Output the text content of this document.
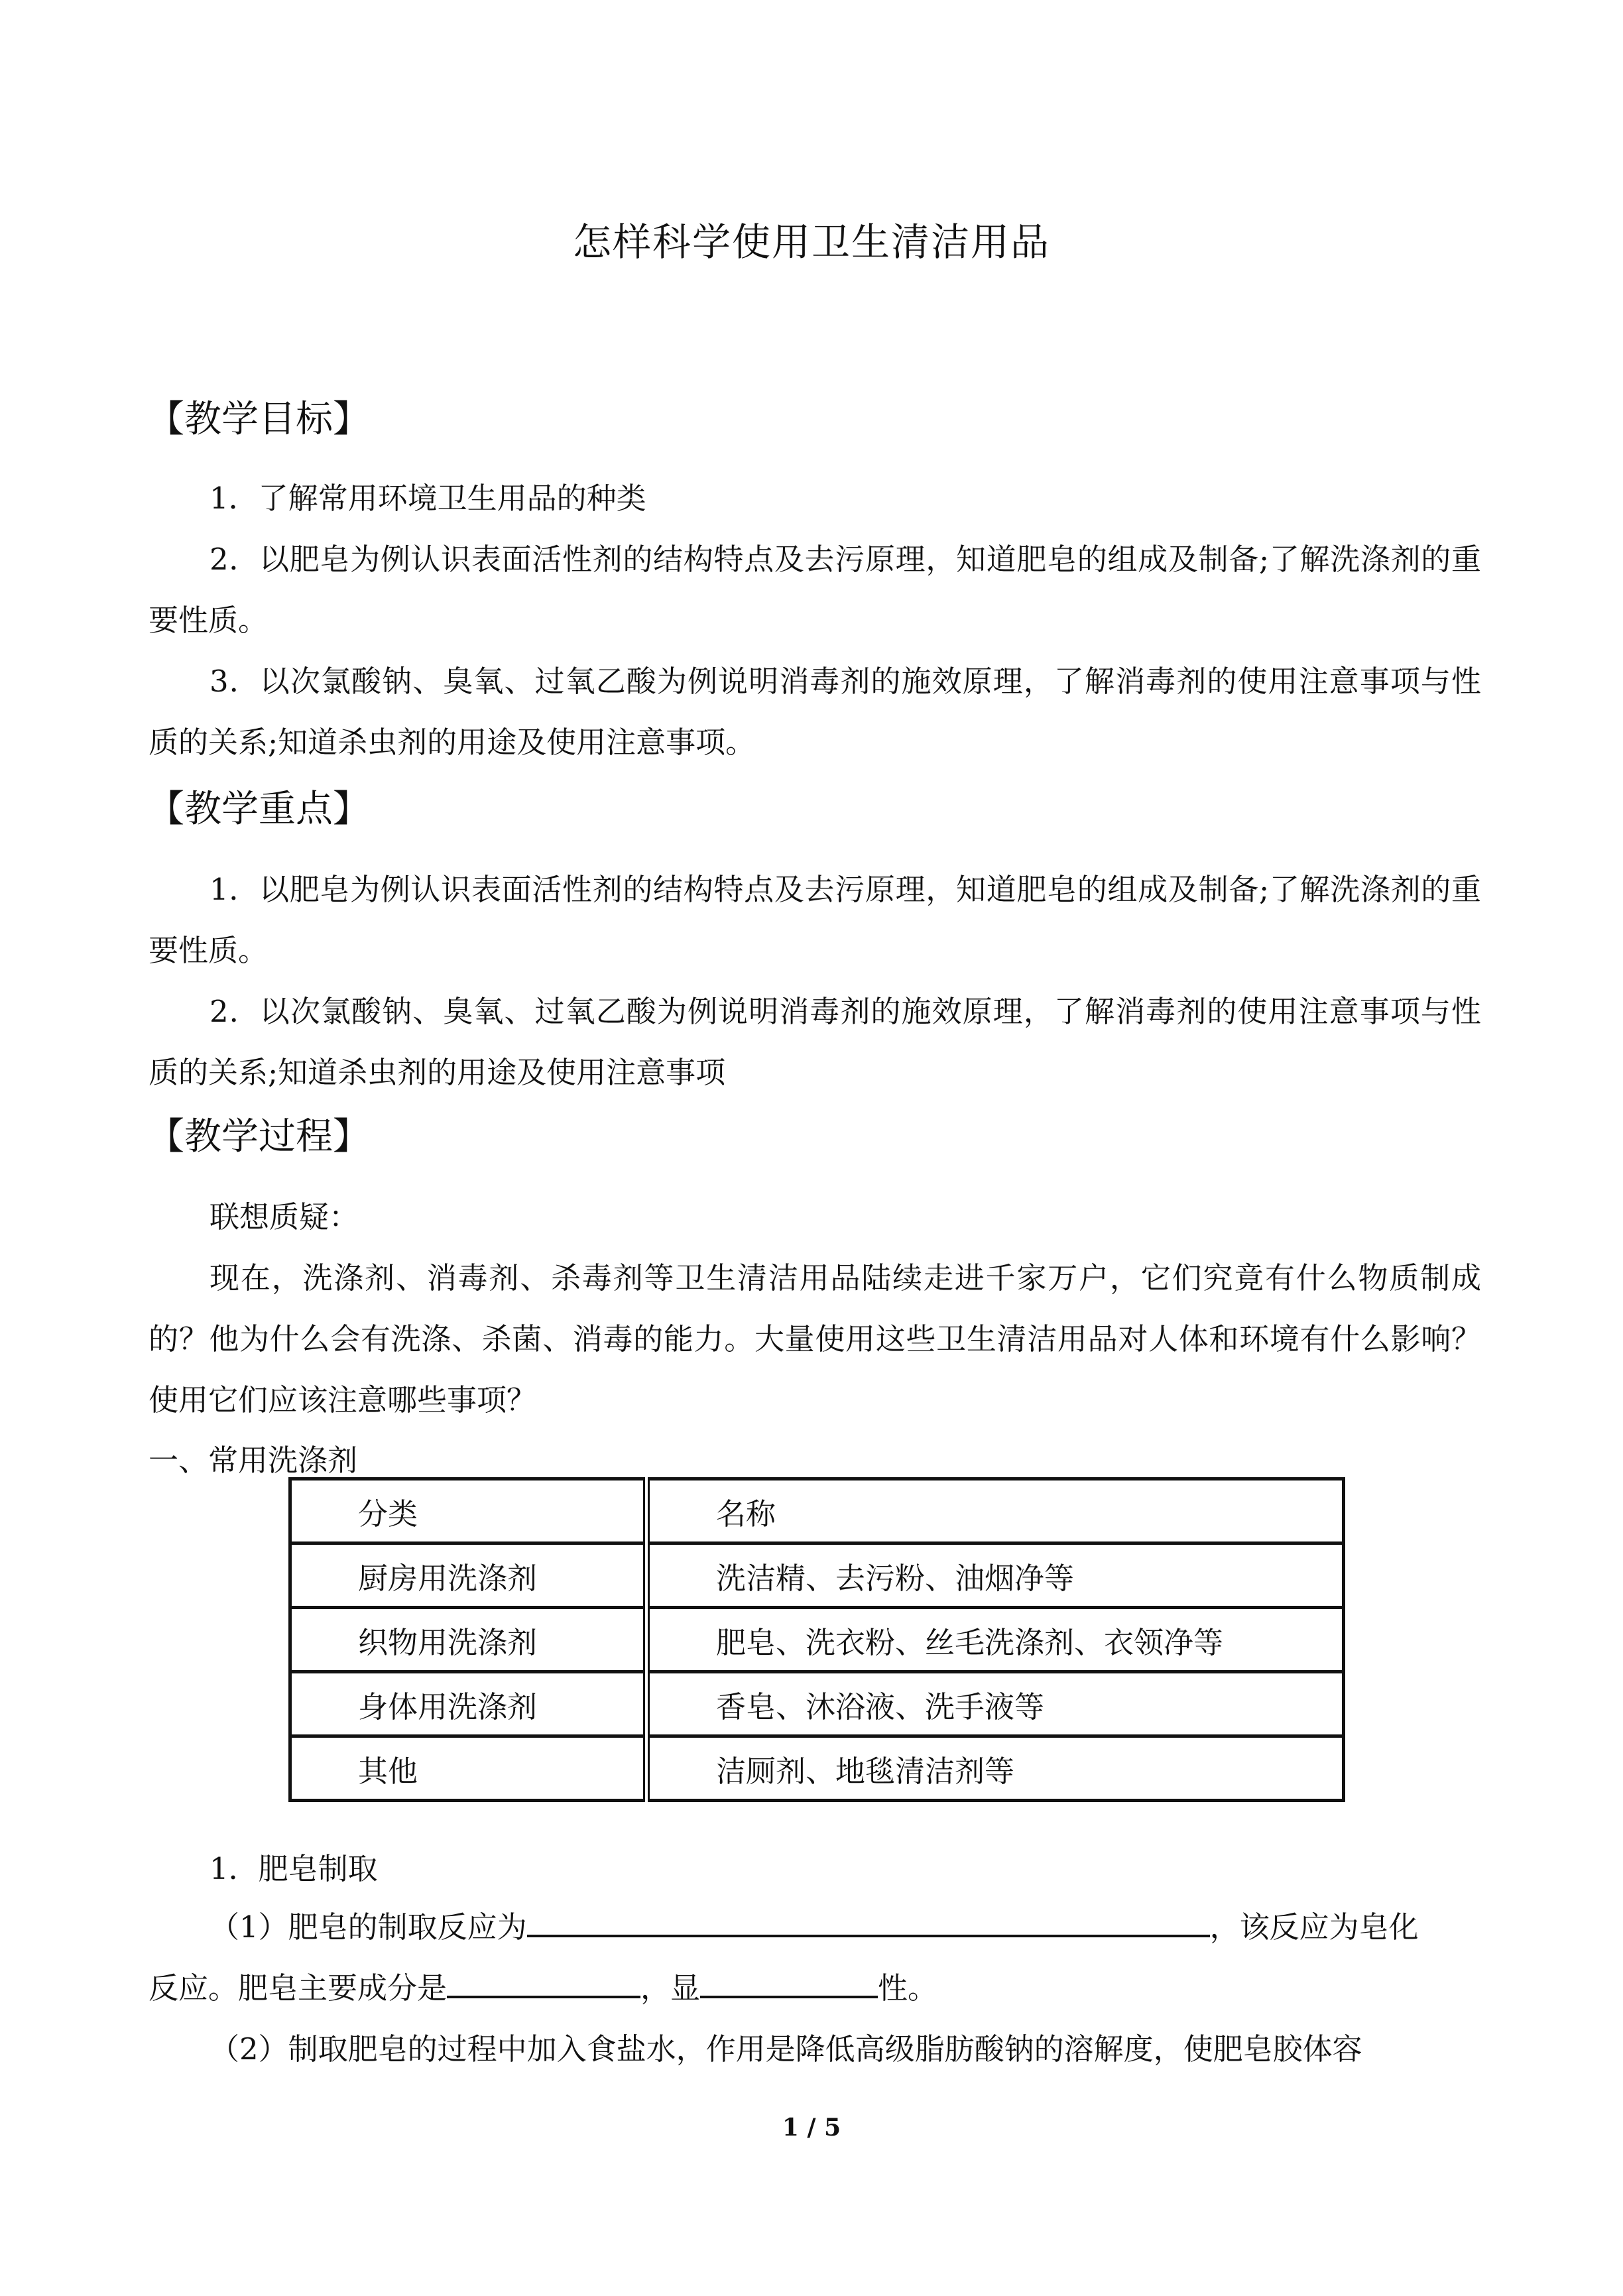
怎样科学使用卫生清洁用品
【教学目标】
1．了解常用环境卫生用品的种类
2．以肥皂为例认识表面活性剂的结构特点及去污原理，知道肥皂的组成及制备;了解洗涤剂的重要性质。
3．以次氯酸钠、臭氧、过氧乙酸为例说明消毒剂的施效原理，了解消毒剂的使用注意事项与性质的关系;知道杀虫剂的用途及使用注意事项。
【教学重点】
1．以肥皂为例认识表面活性剂的结构特点及去污原理，知道肥皂的组成及制备;了解洗涤剂的重要性质。
2．以次氯酸钠、臭氧、过氧乙酸为例说明消毒剂的施效原理，了解消毒剂的使用注意事项与性质的关系;知道杀虫剂的用途及使用注意事项
【教学过程】
联想质疑：
现在，洗涤剂、消毒剂、杀毒剂等卫生清洁用品陆续走进千家万户，它们究竟有什么物质制成的？他为什么会有洗涤、杀菌、消毒的能力。大量使用这些卫生清洁用品对人体和环境有什么影响？使用它们应该注意哪些事项？
一、常用洗涤剂
分类	名称
厨房用洗涤剂	洗洁精、去污粉、油烟净等
织物用洗涤剂	肥皂、洗衣粉、丝毛洗涤剂、衣领净等
身体用洗涤剂	香皂、沐浴液、洗手液等
其他	洁厕剂、地毯清洁剂等
1．肥皂制取
（1）肥皂的制取反应为	，该反应为皂化
反应。肥皂主要成分是	，显	性。
（2）制取肥皂的过程中加入食盐水，作用是降低高级脂肪酸钠的溶解度，使肥皂胶体容
1 / 5
